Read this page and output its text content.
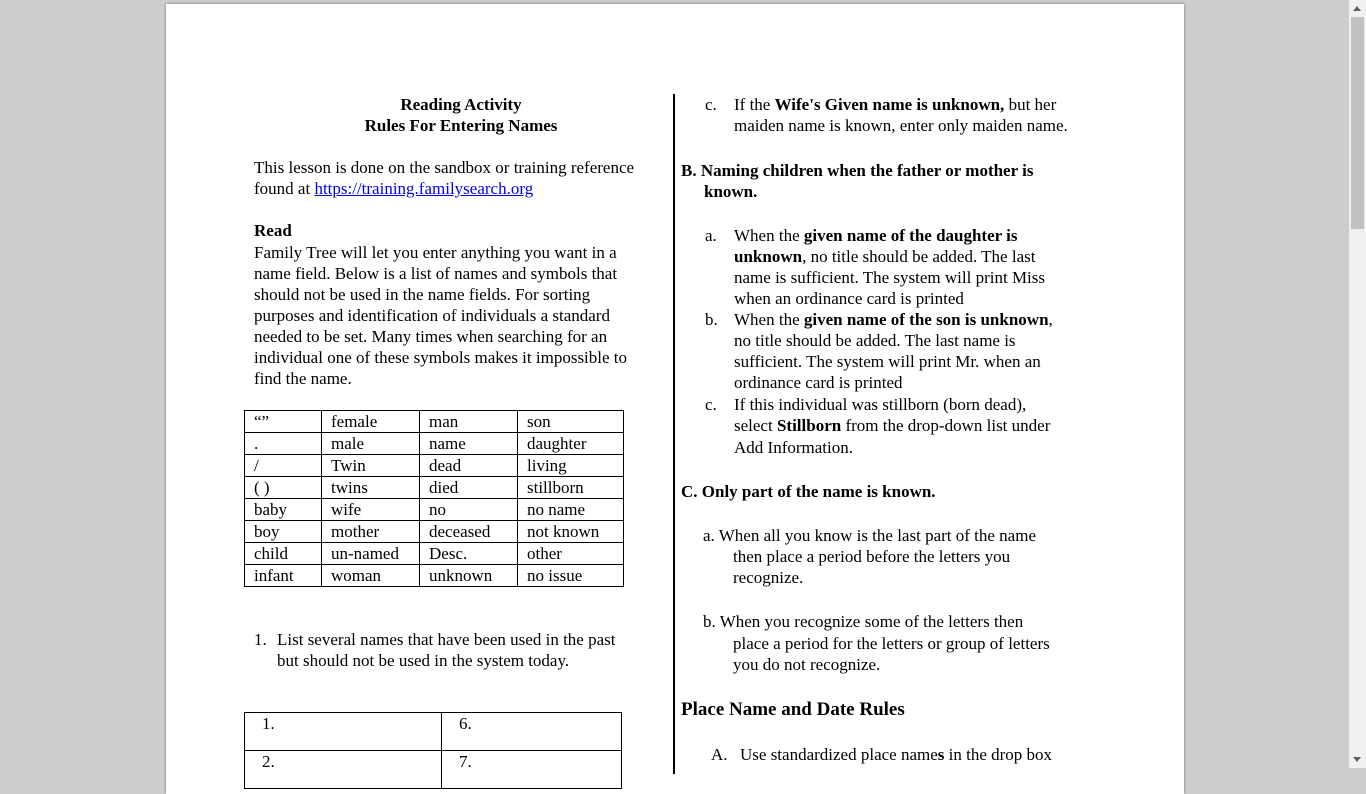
Reading Activity
Rules For Entering Names
This lesson is done on the sandbox or training reference
found at https://training.familysearch.org
Read
Family Tree will let you enter anything you want in a
name field. Below is a list of names and symbols that
should not be used in the name fields. For sorting
purposes and identification of individuals a standard
needed to be set. Many times when searching for an
individual one of these symbols makes it impossible to
find the name.
“”	female	man	son
.	male	name	daughter
/	Twin	dead	living
( )	twins	died	stillborn
baby	wife	no	no name
boy	mother	deceased	not known
child	un-named	Desc.	other
infant	woman	unknown	no issue
1. List several names that have been used in the past
but should not be used in the system today.
1.	6.
2.	7.
c. If the Wife's Given name is unknown, but her
maiden name is known, enter only maiden name.
B. Naming children when the father or mother is
known.
a. When the given name of the daughter is
unknown, no title should be added. The last
name is sufficient. The system will print Miss
when an ordinance card is printed
b. When the given name of the son is unknown,
no title should be added. The last name is
sufficient. The system will print Mr. when an
ordinance card is printed
c. If this individual was stillborn (born dead),
select Stillborn from the drop-down list under
Add Information.
C. Only part of the name is known.
a. When all you know is the last part of the name
then place a period before the letters you
recognize.
b. When you recognize some of the letters then
place a period for the letters or group of letters
you do not recognize.
Place Name and Date Rules
A. Use standardized place names in the drop box
